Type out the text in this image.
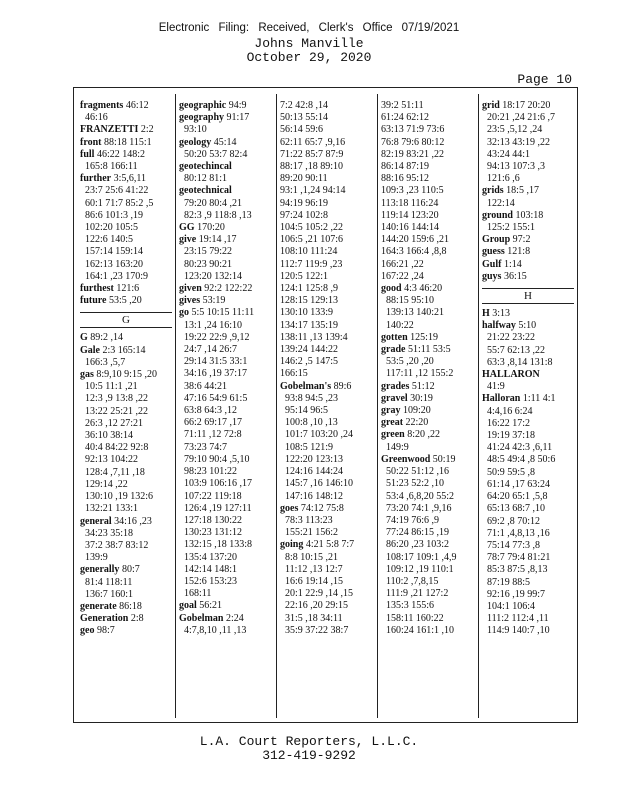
Electronic Filing: Received, Clerk's Office 07/19/2021
Johns Manville
October 29, 2020
Page 10
fragments 46:12
46:16
FRANZETTI 2:2
front 88:18 115:1
full 46:22 148:2
165:8 166:11
further 3:5,6,11
23:7 25:6 41:22
60:1 71:7 85:2 ,5
86:6 101:3 ,19
102:20 105:5
122:6 140:5
157:14 159:14
162:13 163:20
164:1 ,23 170:9
furthest 121:6
future 53:5 ,20
G
G 89:2 ,14
Gale 2:3 165:14
166:3 ,5,7
gas 8:9,10 9:15 ,20
10:5 11:1 ,21
12:3 ,9 13:8 ,22
13:22 25:21 ,22
26:3 ,12 27:21
36:10 38:14
40:4 84:22 92:8
92:13 104:22
128:4 ,7,11 ,18
129:14 ,22
130:10 ,19 132:6
132:21 133:1
general 34:16 ,23
34:23 35:18
37:2 38:7 83:12
139:9
generally 80:7
81:4 118:11
136:7 160:1
generate 86:18
Generation 2:8
geo 98:7
geographic 94:9
geography 91:17
93:10
geology 45:14
50:20 53:7 82:4
geotechincal
80:12 81:1
geotechnical
79:20 80:4 ,21
82:3 ,9 118:8 ,13
GG 170:20
give 19:14 ,17
23:15 79:22
80:23 90:21
123:20 132:14
given 92:2 122:22
gives 53:19
go 5:5 10:15 11:11
13:1 ,24 16:10
19:22 22:9 ,9,12
24:7 ,14 26:7
29:14 31:5 33:1
34:16 ,19 37:17
38:6 44:21
47:16 54:9 61:5
63:8 64:3 ,12
66:2 69:17 ,17
71:11 ,12 72:8
73:23 74:7
79:10 90:4 ,5,10
98:23 101:22
103:9 106:16 ,17
107:22 119:18
126:4 ,19 127:11
127:18 130:22
130:23 131:12
132:15 ,18 133:8
135:4 137:20
142:14 148:1
152:6 153:23
168:11
goal 56:21
Gobelman 2:24
4:7,8,10 ,11 ,13
7:2 42:8 ,14
50:13 55:14
56:14 59:6
62:11 65:7 ,9,16
71:22 85:7 87:9
88:17 ,18 89:10
89:20 90:11
93:1 ,1,24 94:14
94:19 96:19
97:24 102:8
104:5 105:2 ,22
106:5 ,21 107:6
108:10 111:24
112:7 119:9 ,23
120:5 122:1
124:1 125:8 ,9
128:15 129:13
130:10 133:9
134:17 135:19
138:11 ,13 139:4
139:24 144:22
146:2 ,5 147:5
166:15
Gobelman's 89:6
93:8 94:5 ,23
95:14 96:5
100:8 ,10 ,13
101:7 103:20 ,24
108:5 121:9
122:20 123:13
124:16 144:24
145:7 ,16 146:10
147:16 148:12
goes 74:12 75:8
78:3 113:23
155:21 156:2
going 4:21 5:8 7:7
8:8 10:15 ,21
11:12 ,13 12:7
16:6 19:14 ,15
20:1 22:9 ,14 ,15
22:16 ,20 29:15
31:5 ,18 34:11
35:9 37:22 38:7
39:2 51:11
61:24 62:12
63:13 71:9 73:6
76:8 79:6 80:12
82:19 83:21 ,22
86:14 87:19
88:16 95:12
109:3 ,23 110:5
113:18 116:24
119:14 123:20
140:16 144:14
144:20 159:6 ,21
164:3 166:4 ,8,8
166:21 ,22
167:22 ,24
good 4:3 46:20
88:15 95:10
139:13 140:21
140:22
gotten 125:19
grade 51:11 53:5
53:5 ,20 ,20
117:11 ,12 155:2
grades 51:12
gravel 30:19
gray 109:20
great 22:20
green 8:20 ,22
149:9
Greenwood 50:19
50:22 51:12 ,16
51:23 52:2 ,10
53:4 ,6,8,20 55:2
73:20 74:1 ,9,16
74:19 76:6 ,9
77:24 86:15 ,19
86:20 ,23 103:2
108:17 109:1 ,4,9
109:12 ,19 110:1
110:2 ,7,8,15
111:9 ,21 127:2
135:3 155:6
158:11 160:22
160:24 161:1 ,10
grid 18:17 20:20
20:21 ,24 21:6 ,7
23:5 ,5,12 ,24
32:13 43:19 ,22
43:24 44:1
94:13 107:3 ,3
121:6 ,6
grids 18:5 ,17
122:14
ground 103:18
125:2 155:1
Group 97:2
guess 121:8
Gulf 1:14
guys 36:15
H
H 3:13
halfway 5:10
21:22 23:22
55:7 62:13 ,22
63:3 ,8,14 131:8
HALLARON
41:9
Halloran 1:11 4:1
4:4,16 6:24
16:22 17:2
19:19 37:18
41:24 42:3 ,6,11
48:5 49:4 ,8 50:6
50:9 59:5 ,8
61:14 ,17 63:24
64:20 65:1 ,5,8
65:13 68:7 ,10
69:2 ,8 70:12
71:1 ,4,8,13 ,16
75:14 77:3 ,8
78:7 79:4 81:21
85:3 87:5 ,8,13
87:19 88:5
92:16 ,19 99:7
104:1 106:4
111:2 112:4 ,11
114:9 140:7 ,10
L.A. Court Reporters, L.L.C.
312-419-9292
